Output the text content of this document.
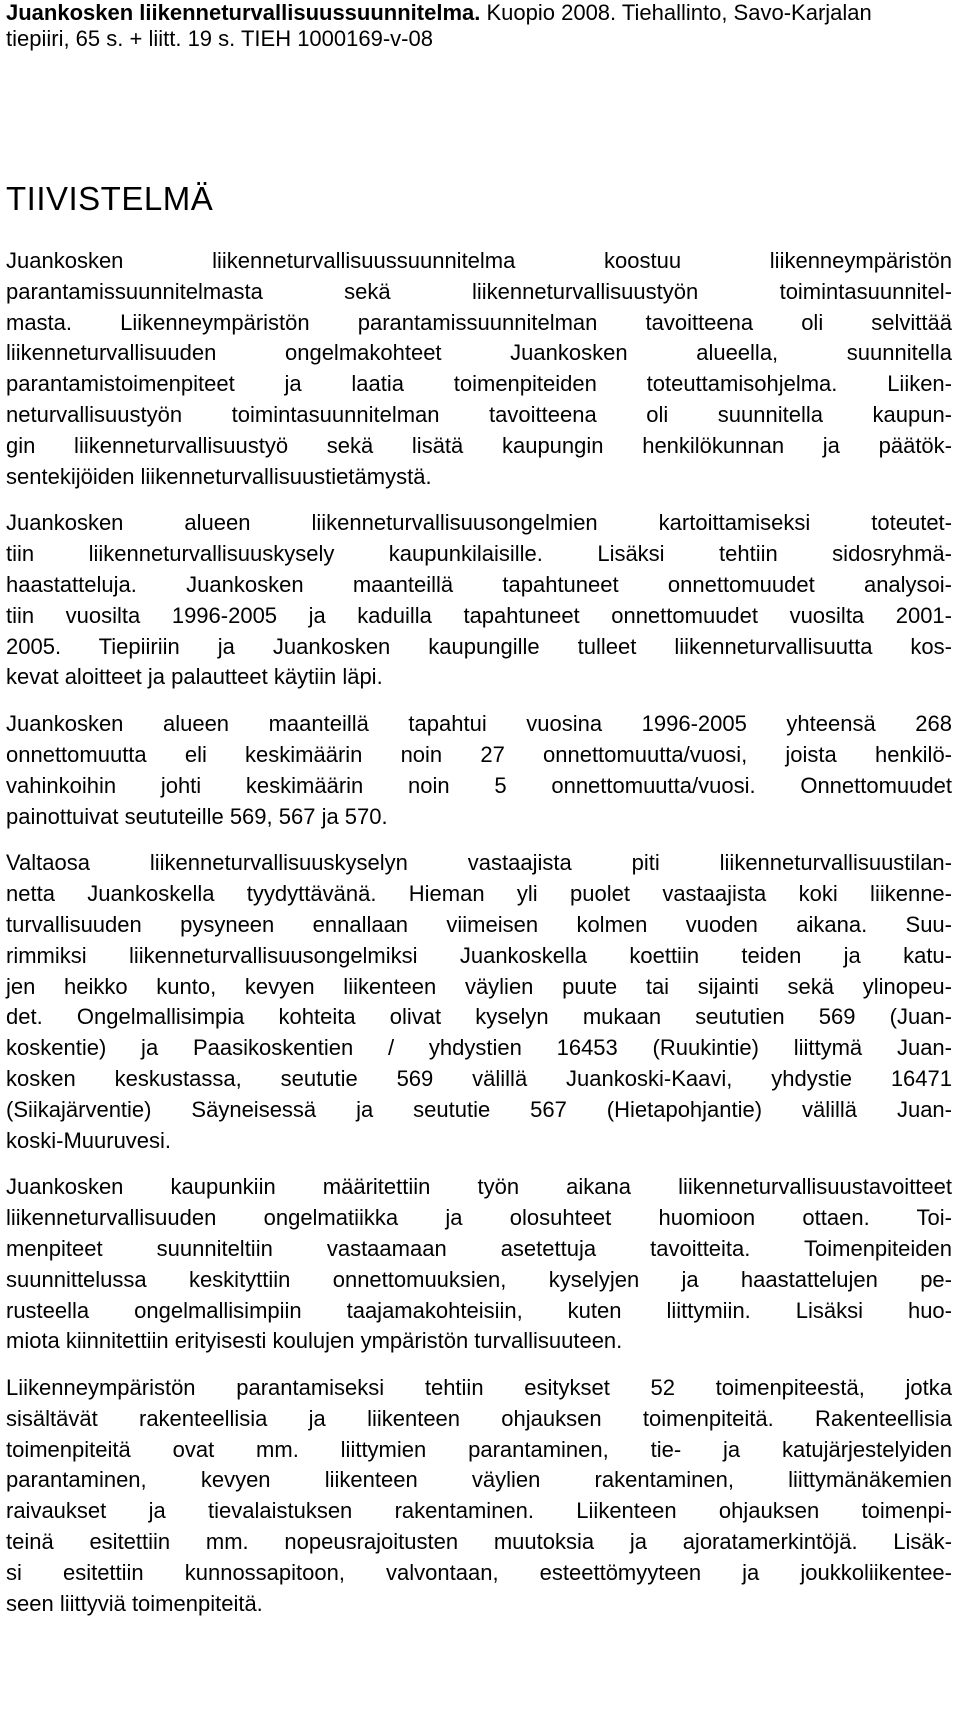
Juankosken liikenneturvallisuussuunnitelma. Kuopio 2008. Tiehallinto, Savo-Karjalan
tiepiiri, 65 s. + liitt. 19 s. TIEH 1000169-v-08
TIIVISTELMÄ

Juankosken liikenneturvallisuussuunnitelma koostuu liikenneympäristön
parantamissuunnitelmasta sekä liikenneturvallisuustyön toimintasuunnitel-
masta. Liikenneympäristön parantamissuunnitelman tavoitteena oli selvittää
liikenneturvallisuuden ongelmakohteet Juankosken alueella, suunnitella
parantamistoimenpiteet ja laatia toimenpiteiden toteuttamisohjelma. Liiken-
neturvallisuustyön toimintasuunnitelman tavoitteena oli suunnitella kaupun-
gin liikenneturvallisuustyö sekä lisätä kaupungin henkilökunnan ja päätök-
sentekijöiden liikenneturvallisuustietämystä.

Juankosken alueen liikenneturvallisuusongelmien kartoittamiseksi toteutet-
tiin liikenneturvallisuuskysely kaupunkilaisille. Lisäksi tehtiin sidosryhmä-
haastatteluja. Juankosken maanteillä tapahtuneet onnettomuudet analysoi-
tiin vuosilta 1996-2005 ja kaduilla tapahtuneet onnettomuudet vuosilta 2001-
2005. Tiepiiriin ja Juankosken kaupungille tulleet liikenneturvallisuutta kos-
kevat aloitteet ja palautteet käytiin läpi.

Juankosken alueen maanteillä tapahtui vuosina 1996-2005 yhteensä 268
onnettomuutta eli keskimäärin noin 27 onnettomuutta/vuosi, joista henkilö-
vahinkoihin johti keskimäärin noin 5 onnettomuutta/vuosi. Onnettomuudet
painottuivat seututeille 569, 567 ja 570.

Valtaosa liikenneturvallisuuskyselyn vastaajista piti liikenneturvallisuustilan-
netta Juankoskella tyydyttävänä. Hieman yli puolet vastaajista koki liikenne-
turvallisuuden pysyneen ennallaan viimeisen kolmen vuoden aikana. Suu-
rimmiksi liikenneturvallisuusongelmiksi Juankoskella koettiin teiden ja katu-
jen heikko kunto, kevyen liikenteen väylien puute tai sijainti sekä ylinopeu-
det. Ongelmallisimpia kohteita olivat kyselyn mukaan seututien 569 (Juan-
koskentie) ja Paasikoskentien / yhdystien 16453 (Ruukintie) liittymä Juan-
kosken keskustassa, seututie 569 välillä Juankoski-Kaavi, yhdystie 16471
(Siikajärventie) Säyneisessä ja seututie 567 (Hietapohjantie) välillä Juan-
koski-Muuruvesi.

Juankosken kaupunkiin määritettiin työn aikana liikenneturvallisuustavoitteet
liikenneturvallisuuden ongelmatiikka ja olosuhteet huomioon ottaen. Toi-
menpiteet suunniteltiin vastaamaan asetettuja tavoitteita. Toimenpiteiden
suunnittelussa keskityttiin onnettomuuksien, kyselyjen ja haastattelujen pe-
rusteella ongelmallisimpiin taajamakohteisiin, kuten liittymiin. Lisäksi huo-
miota kiinnitettiin erityisesti koulujen ympäristön turvallisuuteen.

Liikenneympäristön parantamiseksi tehtiin esitykset 52 toimenpiteestä, jotka
sisältävät rakenteellisia ja liikenteen ohjauksen toimenpiteitä. Rakenteellisia
toimenpiteitä ovat mm. liittymien parantaminen, tie- ja katujärjestelyiden
parantaminen, kevyen liikenteen väylien rakentaminen, liittymänäkemien
raivaukset ja tievalaistuksen rakentaminen. Liikenteen ohjauksen toimenpi-
teinä esitettiin mm. nopeusrajoitusten muutoksia ja ajoratamerkintöjä. Lisäk-
si esitettiin kunnossapitoon, valvontaan, esteettömyyteen ja joukkoliikentee-
seen liittyviä toimenpiteitä.
